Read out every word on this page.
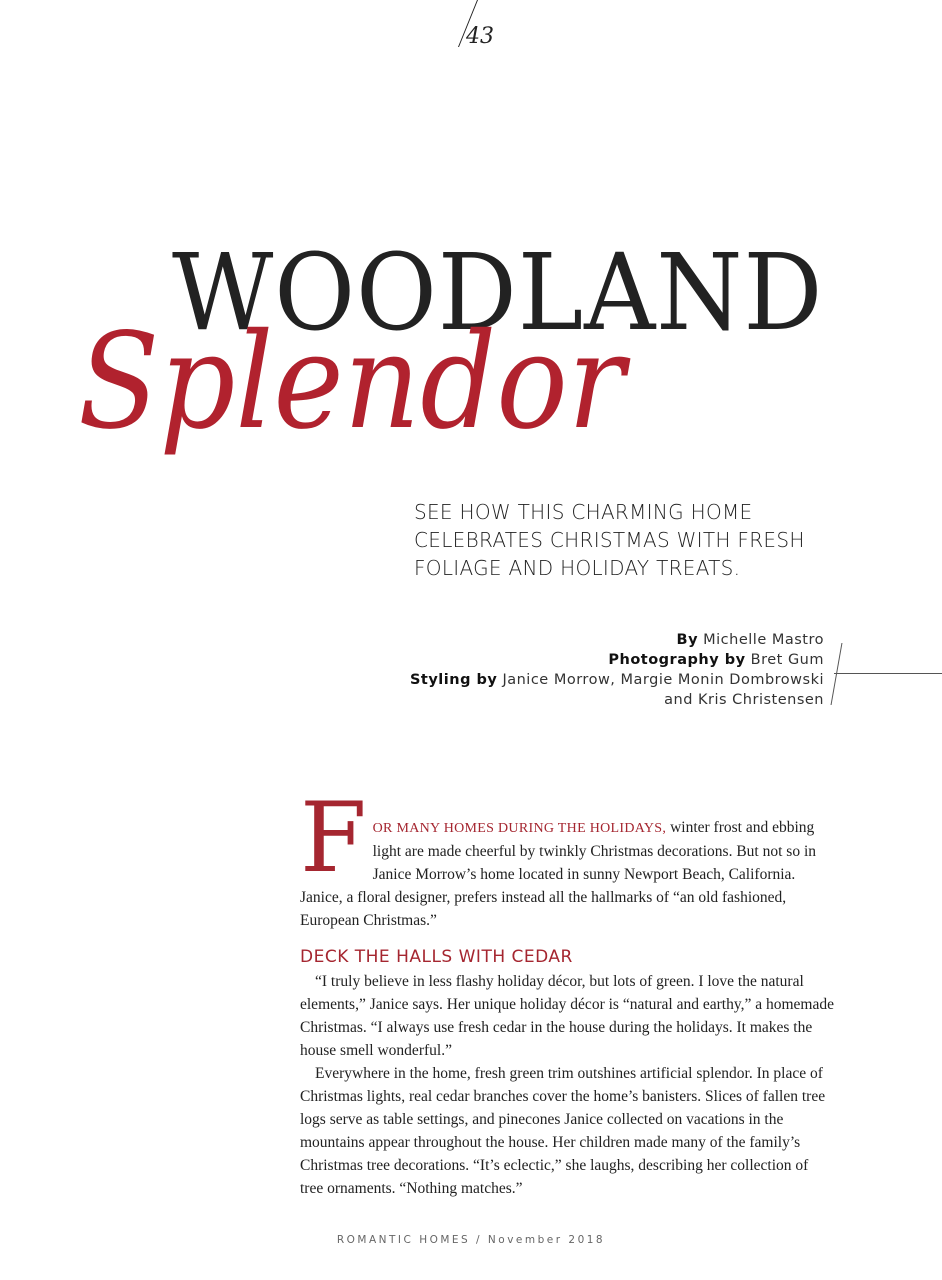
43
WOODLAND
Splendor
SEE HOW THIS CHARMING HOME CELEBRATES CHRISTMAS WITH FRESH FOLIAGE AND HOLIDAY TREATS.
By Michelle Mastro
Photography by Bret Gum
Styling by Janice Morrow, Margie Monin Dombrowski
and Kris Christensen

FOR MANY HOMES DURING THE HOLIDAYS, winter frost and ebbing light are made cheerful by twinkly Christmas decorations. But not so in Janice Morrow’s home located in sunny Newport Beach, California. Janice, a floral designer, prefers instead all the hallmarks of “an old fashioned, European Christmas.”

DECK THE HALLS WITH CEDAR

“I truly believe in less flashy holiday décor, but lots of green. I love the natural elements,” Janice says. Her unique holiday décor is “natural and earthy,” a homemade Christmas. “I always use fresh cedar in the house during the holidays. It makes the house smell wonderful.”

Everywhere in the home, fresh green trim outshines artificial splendor. In place of Christmas lights, real cedar branches cover the home’s banisters. Slices of fallen tree logs serve as table settings, and pinecones Janice collected on vacations in the mountains appear throughout the house. Her children made many of the family’s Christmas tree decorations. “It’s eclectic,” she laughs, describing her collection of tree ornaments. “Nothing matches.”

ROMANTIC HOMES / November 2018
